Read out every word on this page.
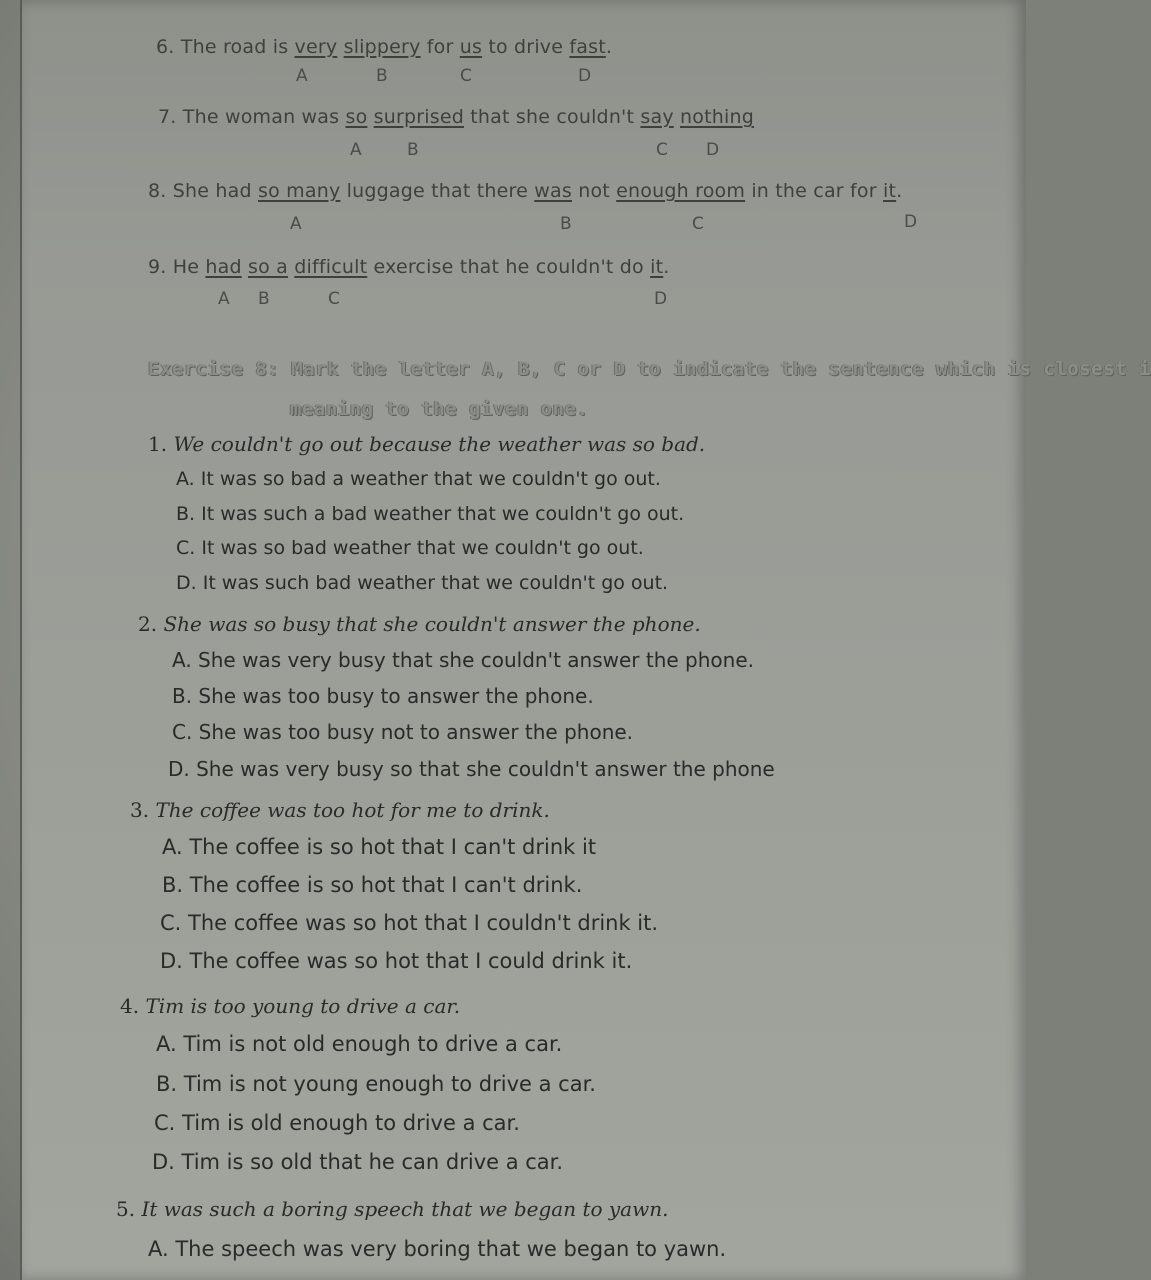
6. The road is very slippery for us to drive fast.
A	B	C	D
7. The woman was so surprised that she couldn't say nothing
A	B	C D
8. She had so many luggage that there was not enough room in the car for it.
A	B	C	D
9. He had so a difficult exercise that he couldn't do it.
A B	C	D
Exercise 8: Mark the letter A, B, C or D to indicate the sentence which is closest i
meaning to the given one.
1. We couldn't go out because the weather was so bad.
A. It was so bad a weather that we couldn't go out.
B. It was such a bad weather that we couldn't go out.
C. It was so bad weather that we couldn't go out.
D. It was such bad weather that we couldn't go out.
2. She was so busy that she couldn't answer the phone.
A. She was very busy that she couldn't answer the phone.
B. She was too busy to answer the phone.
C. She was too busy not to answer the phone.
D. She was very busy so that she couldn't answer the phone
3. The coffee was too hot for me to drink.
A. The coffee is so hot that I can't drink it
B. The coffee is so hot that I can't drink.
C. The coffee was so hot that I couldn't drink it.
D. The coffee was so hot that I could drink it.
4. Tim is too young to drive a car.
A. Tim is not old enough to drive a car.
B. Tim is not young enough to drive a car.
C. Tim is old enough to drive a car.
D. Tim is so old that he can drive a car.
5. It was such a boring speech that we began to yawn.
A. The speech was very boring that we began to yawn.
